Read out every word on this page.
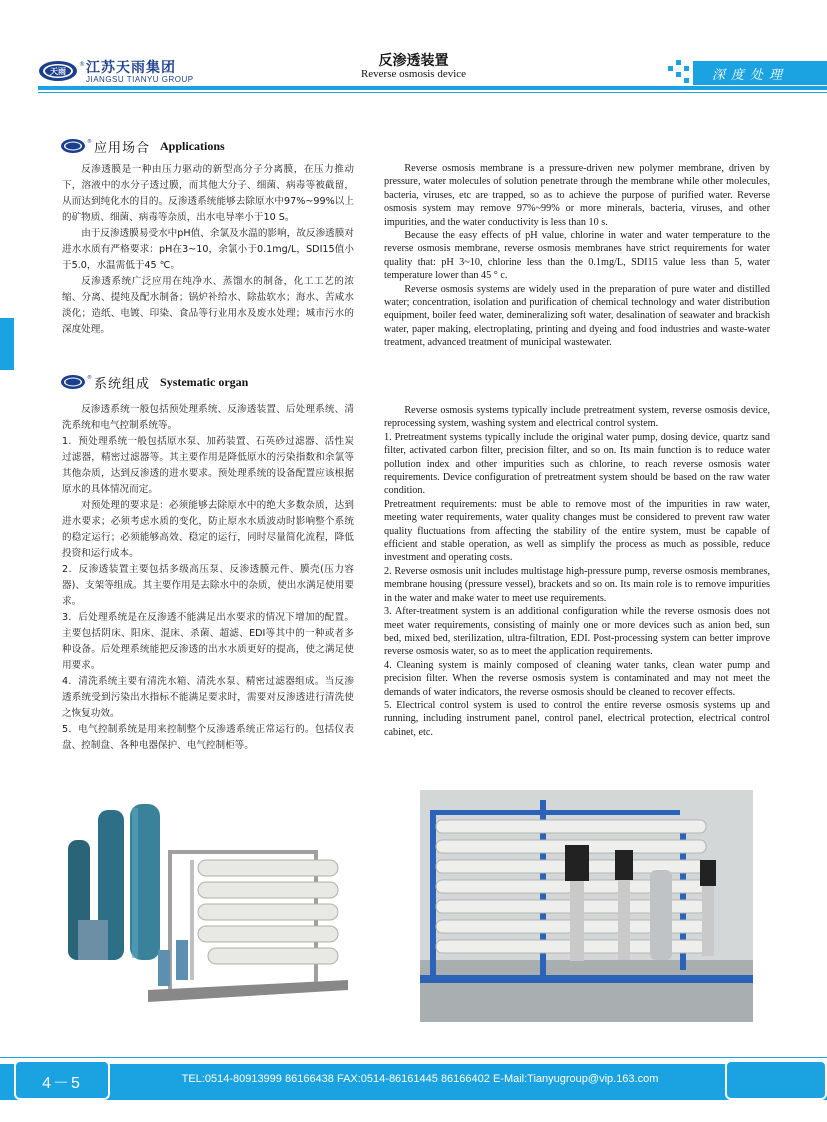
天雨
® 江苏天雨集团
JIANGSU TIANYU GROUP
反渗透装置
Reverse osmosis device	深度处理
® 应用场合 Applications

反渗透膜是一种由压力驱动的新型高分子分离膜，在压力推动下，溶液中的水分子透过膜，而其他大分子、细菌、病毒等被截留，从而达到纯化水的目的。反渗透系统能够去除原水中97%~99%以上的矿物质、细菌、病毒等杂质，出水电导率小于10 S。

由于反渗透膜易受水中pH值、余氯及水温的影响，故反渗透膜对进水水质有严格要求：pH在3~10，余氯小于0.1mg/L，SDI15值小于5.0，水温需低于45 ℃。

反渗透系统广泛应用在纯净水、蒸馏水的制备，化工工艺的浓缩、分离、提纯及配水制备；锅炉补给水、除盐软水；海水、苦咸水淡化；造纸、电镀、印染、食品等行业用水及废水处理；城市污水的深度处理。

Reverse osmosis membrane is a pressure-driven new polymer membrane, driven by pressure, water molecules of solution penetrate through the membrane while other molecules, bacteria, viruses, etc are trapped, so as to achieve the purpose of purified water. Reverse osmosis system may remove 97%~99% or more minerals, bacteria, viruses, and other impurities, and the water conductivity is less than 10 s.

Because the easy effects of pH value, chlorine in water and water temperature to the reverse osmosis membrane, reverse osmosis membranes have strict requirements for water quality that: pH 3~10, chlorine less than the 0.1mg/L, SDI15 value less than 5, water temperature lower than 45 ° c.

Reverse osmosis systems are widely used in the preparation of pure water and distilled water; concentration, isolation and purification of chemical technology and water distribution equipment, boiler feed water, demineralizing soft water, desalination of seawater and brackish water, paper making, electroplating, printing and dyeing and food industries and waste-water treatment, advanced treatment of municipal wastewater.

® 系统组成 Systematic organ

反渗透系统一般包括预处理系统、反渗透装置、后处理系统、清洗系统和电气控制系统等。

1．预处理系统一般包括原水泵、加药装置、石英砂过滤器、活性炭过滤器，精密过滤器等。其主要作用是降低原水的污染指数和余氯等其他杂质，达到反渗透的进水要求。预处理系统的设备配置应该根据原水的具体情况而定。

对预处理的要求是：必须能够去除原水中的绝大多数杂质，达到进水要求；必须考虑水质的变化，防止原水水质波动时影响整个系统的稳定运行；必须能够高效、稳定的运行，同时尽量简化流程，降低投资和运行成本。

2．反渗透装置主要包括多级高压泵、反渗透膜元件、膜壳(压力容器)、支架等组成。其主要作用是去除水中的杂质，使出水满足使用要求。

3．后处理系统是在反渗透不能满足出水要求的情况下增加的配置。主要包括阴床、阳床、混床、杀菌、超滤、EDI等其中的一种或者多种设备。后处理系统能把反渗透的出水水质更好的提高，使之满足使用要求。

4．清洗系统主要有清洗水箱、清洗水泵、精密过滤器组成。当反渗透系统受到污染出水指标不能满足要求时，需要对反渗透进行清洗使之恢复功效。

5．电气控制系统是用来控制整个反渗透系统正常运行的。包括仪表盘、控制盘、各种电器保护、电气控制柜等。

Reverse osmosis systems typically include pretreatment system, reverse osmosis device, reprocessing system, washing system and electrical control system.

1. Pretreatment systems typically include the original water pump, dosing device, quartz sand filter, activated carbon filter, precision filter, and so on. Its main function is to reduce water pollution index and other impurities such as chlorine, to reach reverse osmosis water requirements. Device configuration of pretreatment system should be based on the raw water condition.

Pretreatment requirements: must be able to remove most of the impurities in raw water, meeting water requirements, water quality changes must be considered to prevent raw water quality fluctuations from affecting the stability of the entire system, must be capable of efficient and stable operation, as well as simplify the process as much as possible, reduce investment and operating costs.

2. Reverse osmosis unit includes multistage high-pressure pump, reverse osmosis membranes, membrane housing (pressure vessel), brackets and so on. Its main role is to remove impurities in the water and make water to meet use requirements.

3. After-treatment system is an additional configuration while the reverse osmosis does not meet water requirements, consisting of mainly one or more devices such as anion bed, sun bed, mixed bed, sterilization, ultra-filtration, EDI. Post-processing system can better improve reverse osmosis water, so as to meet the application requirements.

4. Cleaning system is mainly composed of cleaning water tanks, clean water pump and precision filter. When the reverse osmosis system is contaminated and may not meet the demands of water indicators, the reverse osmosis should be cleaned to recover effects.

5. Electrical control system is used to control the entire reverse osmosis systems up and running, including instrument panel, control panel, electrical protection, electrical control cabinet, etc.

4－5	TEL:0514-80913999 86166438 FAX:0514-86161445 86166402 E-Mail:Tianyugroup@vip.163.com
